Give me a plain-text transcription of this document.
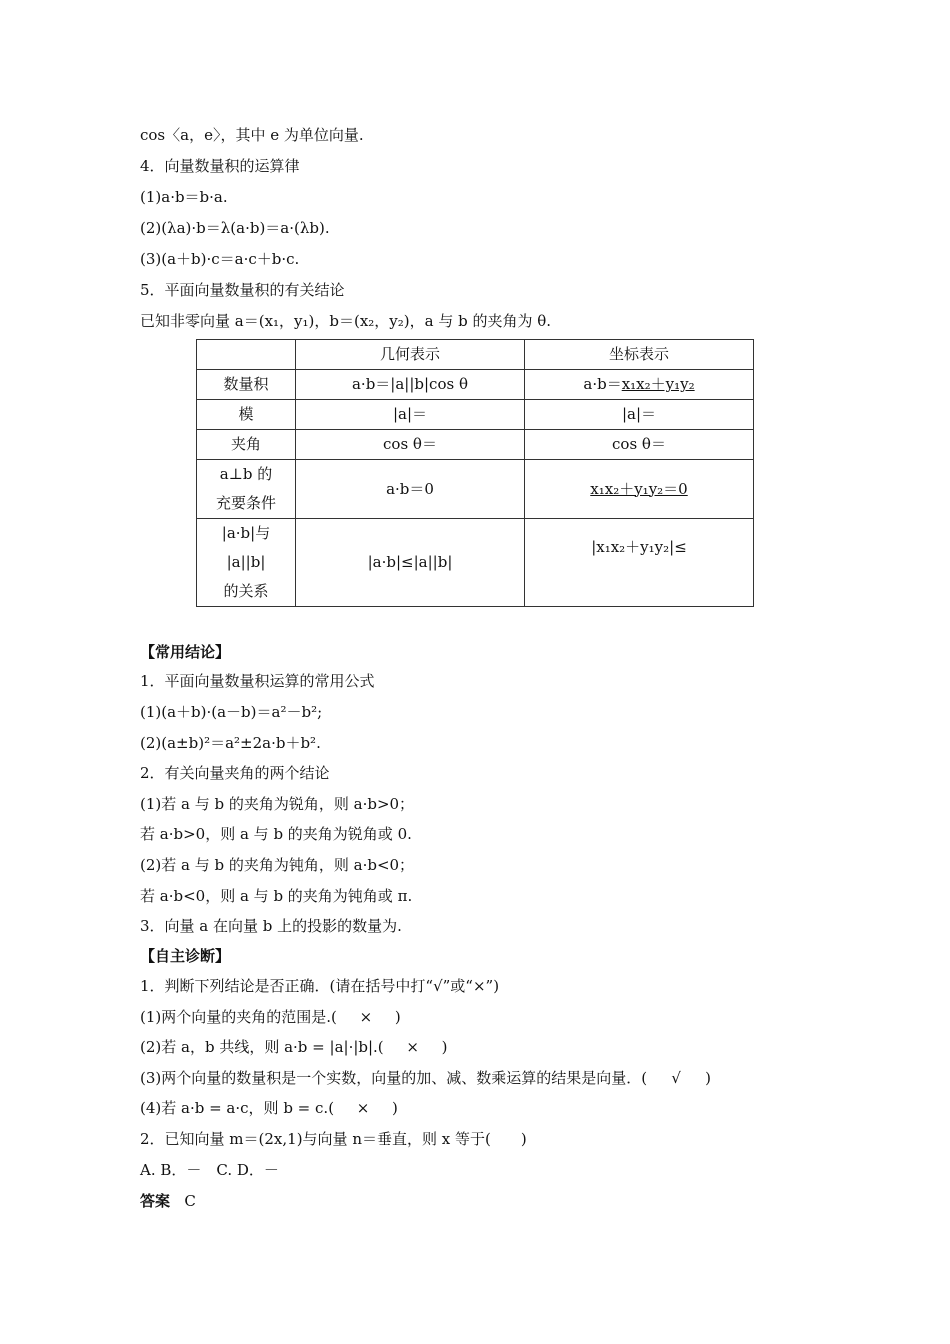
cos〈a，e〉，其中 e 为单位向量.
4．向量数量积的运算律
(1)a·b＝b·a.
(2)(λa)·b＝λ(a·b)＝a·(λb).
(3)(a＋b)·c＝a·c＋b·c.
5．平面向量数量积的有关结论
已知非零向量 a＝(x₁，y₁)，b＝(x₂，y₂)，a 与 b 的夹角为 θ.
	几何表示	坐标表示
数量积	a·b＝|a||b|cos θ	a·b＝x₁x₂＋y₁y₂
模	|a|＝	|a|＝
夹角	cos θ＝	cos θ＝

a⊥b 的
充要条件	a·b＝0	x₁x₂＋y₁y₂＝0

|a·b|与
|a||b|
的关系	|a·b|≤|a||b|	|x₁x₂＋y₁y₂|≤
【常用结论】
1．平面向量数量积运算的常用公式
(1)(a＋b)·(a－b)＝a²－b²;
(2)(a±b)²＝a²±2a·b＋b².
2．有关向量夹角的两个结论
(1)若 a 与 b 的夹角为锐角，则 a·b>0；
若 a·b>0，则 a 与 b 的夹角为锐角或 0.
(2)若 a 与 b 的夹角为钝角，则 a·b<0；
若 a·b<0，则 a 与 b 的夹角为钝角或 π.
3．向量 a 在向量 b 上的投影的数量为.
【自主诊断】
1．判断下列结论是否正确．(请在括号中打“√”或“×”)
(1)两个向量的夹角的范围是.( × )
(2)若 a，b 共线，则 a·b = |a|·|b|.( × )
(3)两个向量的数量积是一个实数，向量的加、减、数乘运算的结果是向量．( √ )
(4)若 a·b = a·c，则 b = c.( × )
2．已知向量 m＝(2x,1)与向量 n＝垂直，则 x 等于(　　)
A. B．－　C. D．－
答案 C
